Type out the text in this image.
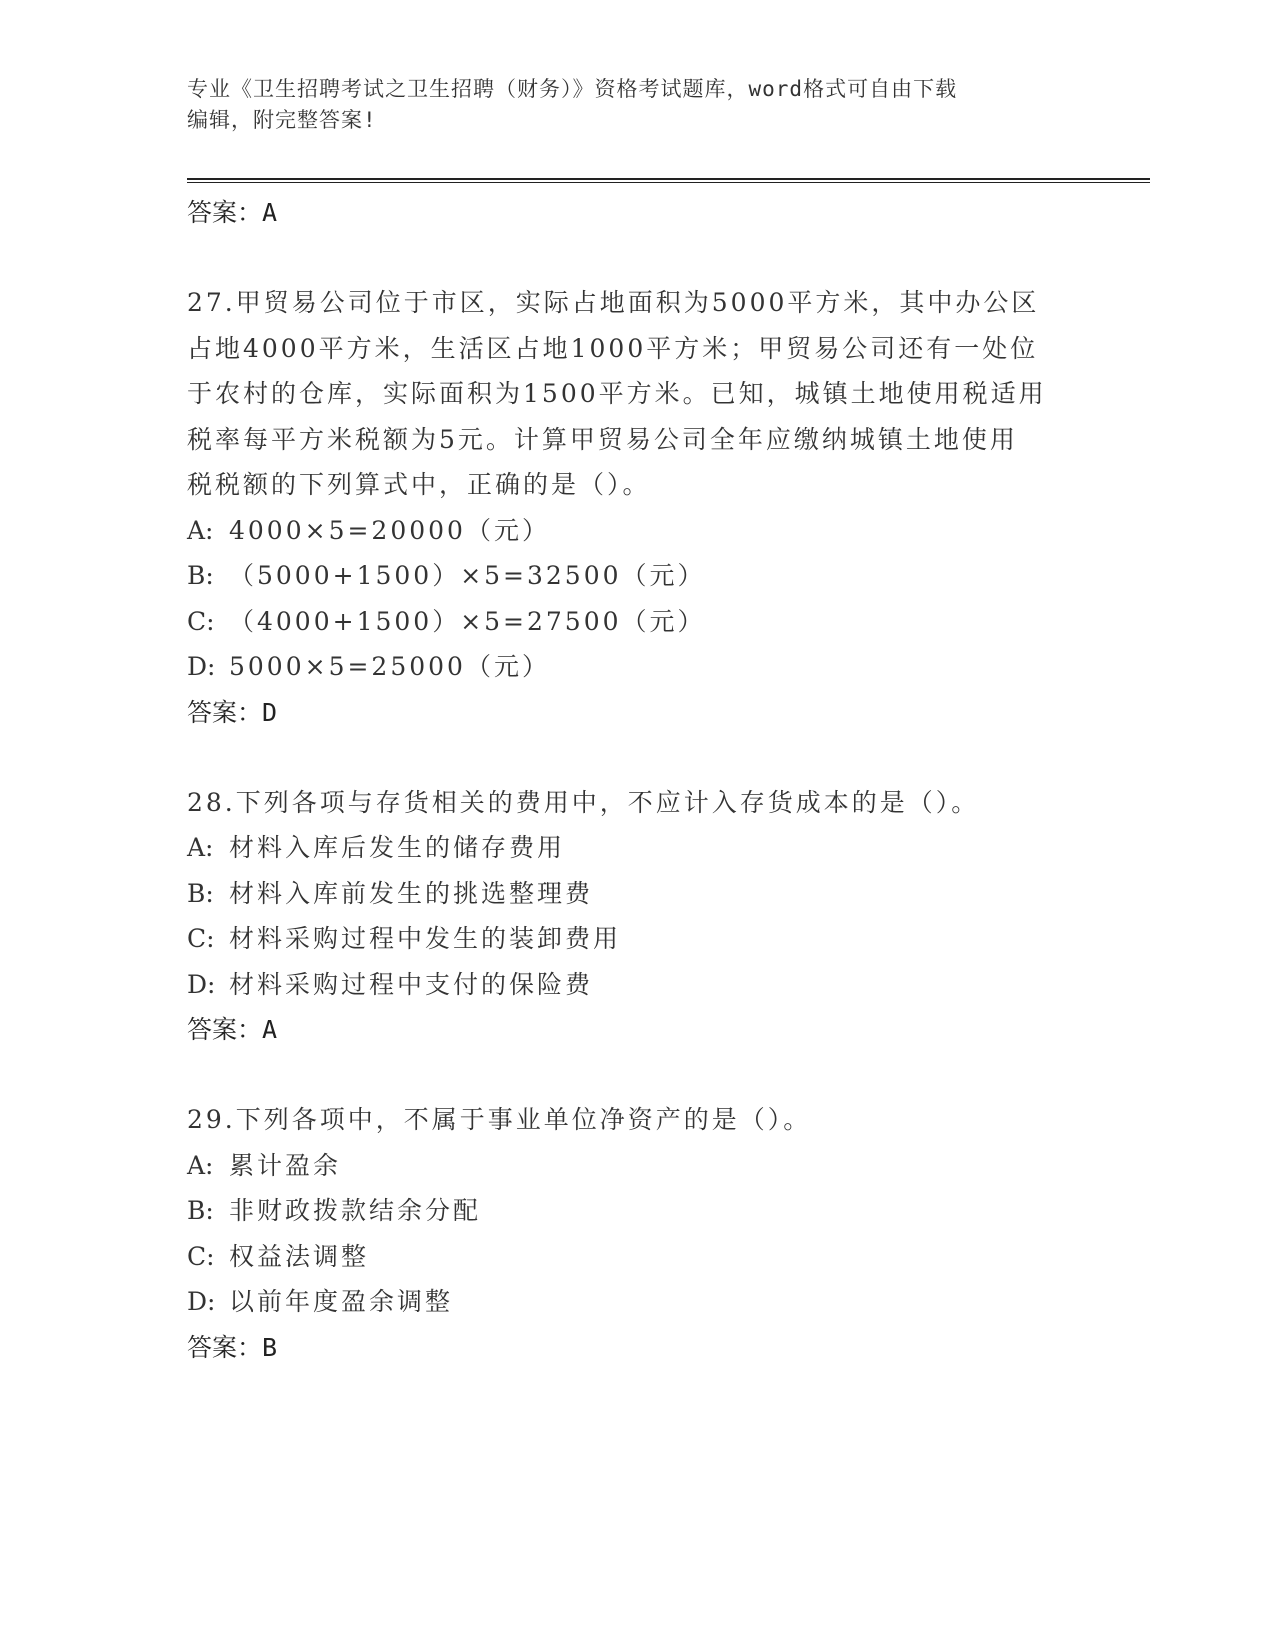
专业《卫生招聘考试之卫生招聘（财务）》资格考试题库，word格式可自由下载
编辑，附完整答案!
答案：A
27.甲贸易公司位于市区，实际占地面积为5000平方米，其中办公区
占地4000平方米，生活区占地1000平方米；甲贸易公司还有一处位
于农村的仓库，实际面积为1500平方米。已知，城镇土地使用税适用
税率每平方米税额为5元。计算甲贸易公司全年应缴纳城镇土地使用
税税额的下列算式中，正确的是（）。
A: 4000×5=20000（元）
B: （5000+1500）×5=32500（元）
C: （4000+1500）×5=27500（元）
D: 5000×5=25000（元）
答案：D
28.下列各项与存货相关的费用中，不应计入存货成本的是（）。
A: 材料入库后发生的储存费用
B: 材料入库前发生的挑选整理费
C: 材料采购过程中发生的装卸费用
D: 材料采购过程中支付的保险费
答案：A
29.下列各项中，不属于事业单位净资产的是（）。
A: 累计盈余
B: 非财政拨款结余分配
C: 权益法调整
D: 以前年度盈余调整
答案：B
